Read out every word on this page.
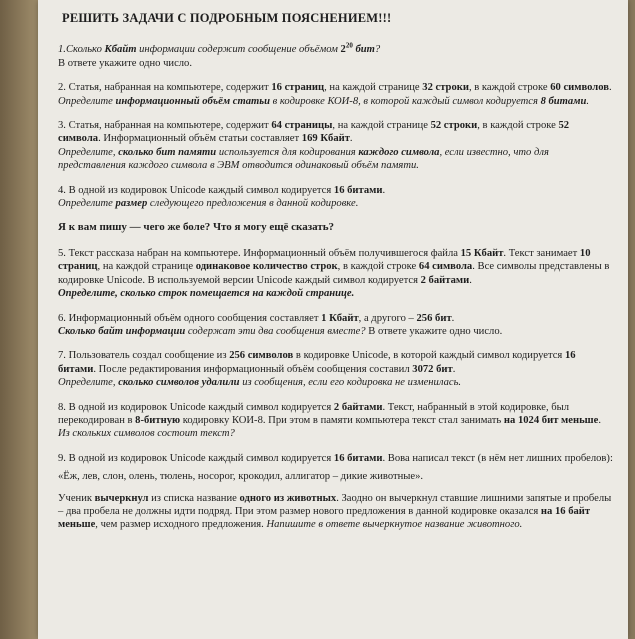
РЕШИТЬ ЗАДАЧИ С ПОДРОБНЫМ ПОЯСНЕНИЕМ!!!

1.Сколько Кбайт информации содержит сообщение объёмом $2^{20}$ бит?

В ответе укажите одно число.

2. Статья, набранная на компьютере, содержит 16 страниц, на каждой странице 32 строки, в каждой строке 60 символов.

Определите информационный объём статьи в кодировке КОИ-8, в которой каждый символ кодируется 8 битами.

3. Статья, набранная на компьютере, содержит 64 страницы, на каждой странице 52 строки, в каждой строке 52 символа. Информационный объём статьи составляет 169 Кбайт.

Определите, сколько бит памяти используется для кодирования каждого символа, если известно, что для представления каждого символа в ЭВМ отводится одинаковый объём памяти.

4. В одной из кодировок Unicode каждый символ кодируется 16 битами.

Определите размер следующего предложения в данной кодировке.

Я к вам пишу — чего же боле? Что я могу ещё сказать?

5. Текст рассказа набран на компьютере. Информационный объём получившегося файла 15 Кбайт. Текст занимает 10 страниц, на каждой странице одинаковое количество строк, в каждой строке 64 символа. Все символы представлены в кодировке Unicode. В используемой версии Unicode каждый символ кодируется 2 байтами.

Определите, сколько строк помещается на каждой странице.

6. Информационный объём одного сообщения составляет 1 Кбайт, а другого – 256 бит.

Сколько байт информации содержат эти два сообщения вместе? В ответе укажите одно число.

7. Пользователь создал сообщение из 256 символов в кодировке Unicode, в которой каждый символ кодируется 16 битами. После редактирования информационный объём сообщения составил 3072 бит.

Определите, сколько символов удалили из сообщения, если его кодировка не изменилась.

8. В одной из кодировок Unicode каждый символ кодируется 2 байтами. Текст, набранный в этой кодировке, был перекодирован в 8-битную кодировку КОИ-8. При этом в памяти компьютера текст стал занимать на 1024 бит меньше. Из скольких символов состоит текст?

9. В одной из кодировок Unicode каждый символ кодируется 16 битами. Вова написал текст (в нём нет лишних пробелов):

«Ёж, лев, слон, олень, тюлень, носорог, крокодил, аллигатор – дикие животные».

Ученик вычеркнул из списка название одного из животных. Заодно он вычеркнул ставшие лишними запятые и пробелы – два пробела не должны идти подряд. При этом размер нового предложения в данной кодировке оказался на 16 байт меньше, чем размер исходного предложения. Напишите в ответе вычеркнутое название животного.
